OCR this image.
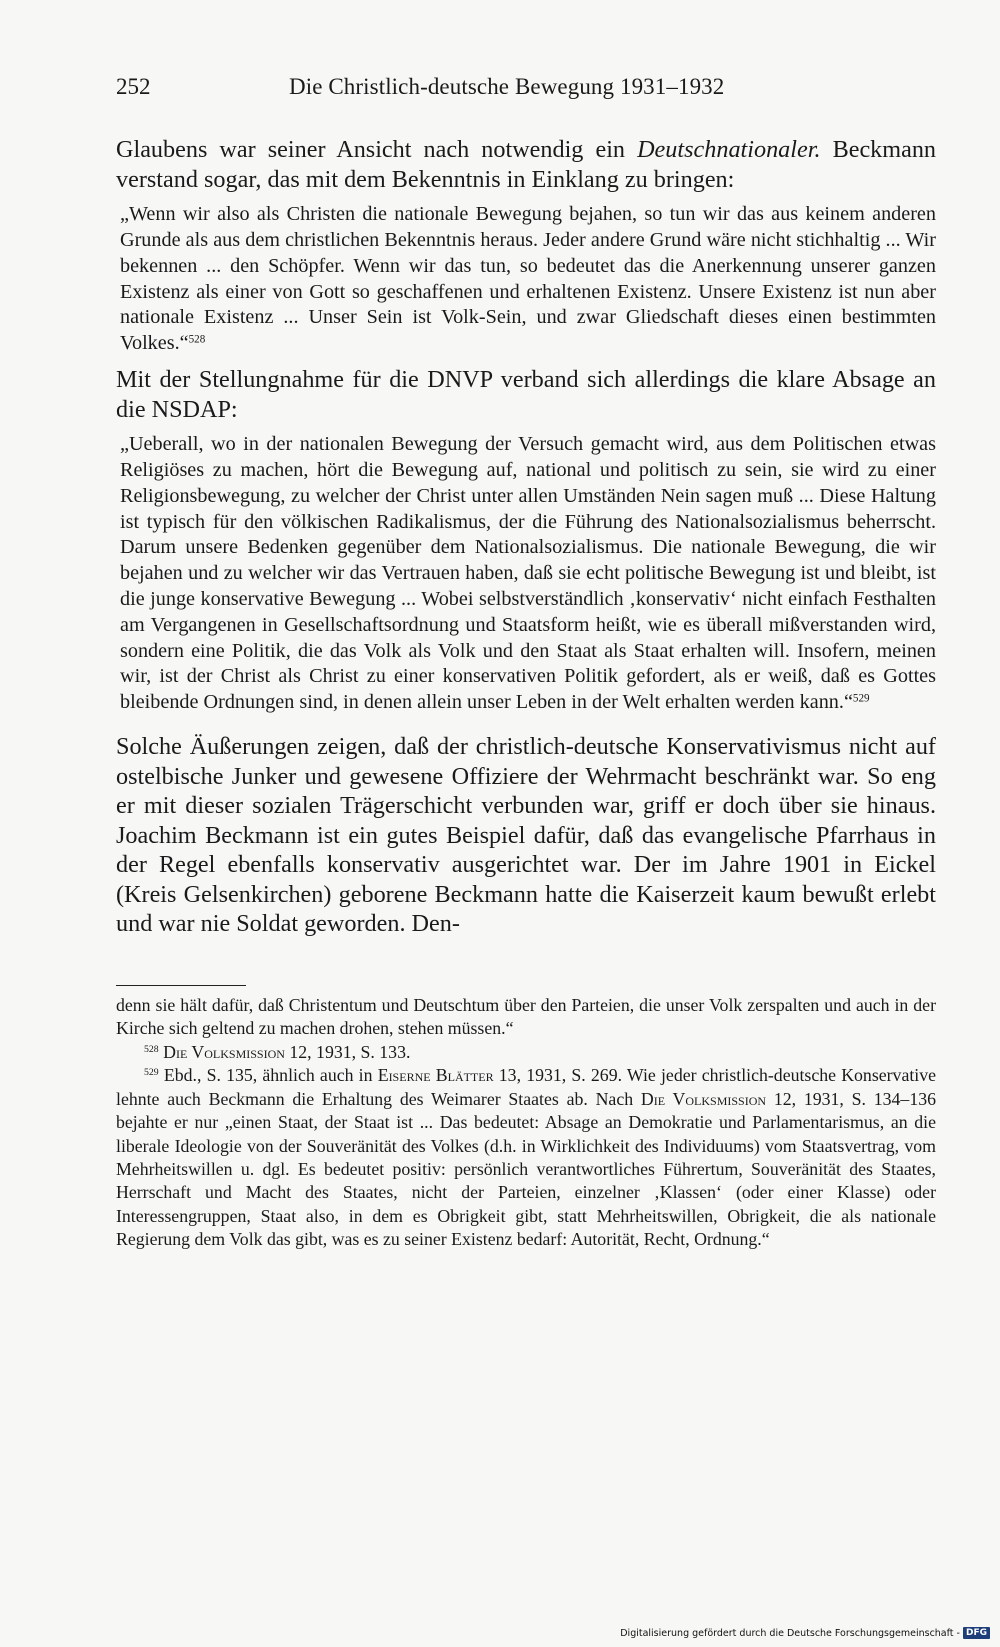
252	Die Christlich-deutsche Bewegung 1931–1932

Glaubens war seiner Ansicht nach notwendig ein Deutschnationaler. Beckmann verstand sogar, das mit dem Bekenntnis in Einklang zu bringen:

„Wenn wir also als Christen die nationale Bewegung bejahen, so tun wir das aus keinem anderen Grunde als aus dem christlichen Bekenntnis heraus. Jeder andere Grund wäre nicht stichhaltig ... Wir bekennen ... den Schöpfer. Wenn wir das tun, so bedeutet das die Anerkennung unserer ganzen Existenz als einer von Gott so geschaffenen und erhaltenen Existenz. Unsere Existenz ist nun aber nationale Existenz ... Unser Sein ist Volk-Sein, und zwar Gliedschaft dieses einen bestimmten Volkes.“$^{528}$

Mit der Stellungnahme für die DNVP verband sich allerdings die klare Absage an die NSDAP:

„Ueberall, wo in der nationalen Bewegung der Versuch gemacht wird, aus dem Politischen etwas Religiöses zu machen, hört die Bewegung auf, national und politisch zu sein, sie wird zu einer Religionsbewegung, zu welcher der Christ unter allen Umständen Nein sagen muß ... Diese Haltung ist typisch für den völkischen Radikalismus, der die Führung des Nationalsozialismus beherrscht. Darum unsere Bedenken gegenüber dem Nationalsozialismus. Die nationale Bewegung, die wir bejahen und zu welcher wir das Vertrauen haben, daß sie echt politische Bewegung ist und bleibt, ist die junge konservative Bewegung ... Wobei selbstverständlich ‚konservativ‘ nicht einfach Festhalten am Vergangenen in Gesellschaftsordnung und Staatsform heißt, wie es überall mißverstanden wird, sondern eine Politik, die das Volk als Volk und den Staat als Staat erhalten will. Insofern, meinen wir, ist der Christ als Christ zu einer konservativen Politik gefordert, als er weiß, daß es Gottes bleibende Ordnungen sind, in denen allein unser Leben in der Welt erhalten werden kann.“$^{529}$

Solche Äußerungen zeigen, daß der christlich-deutsche Konservativismus nicht auf ostelbische Junker und gewesene Offiziere der Wehrmacht beschränkt war. So eng er mit dieser sozialen Trägerschicht verbunden war, griff er doch über sie hinaus. Joachim Beckmann ist ein gutes Beispiel dafür, daß das evangelische Pfarrhaus in der Regel ebenfalls konservativ ausgerichtet war. Der im Jahre 1901 in Eickel (Kreis Gelsenkirchen) geborene Beckmann hatte die Kaiserzeit kaum bewußt erlebt und war nie Soldat geworden. Den-

denn sie hält dafür, daß Christentum und Deutschtum über den Parteien, die unser Volk zerspalten und auch in der Kirche sich geltend zu machen drohen, stehen müssen.“

$^{528}$ Die Volksmission 12, 1931, S. 133.

$^{529}$ Ebd., S. 135, ähnlich auch in Eiserne Blätter 13, 1931, S. 269. Wie jeder christlich-deutsche Konservative lehnte auch Beckmann die Erhaltung des Weimarer Staates ab. Nach Die Volksmission 12, 1931, S. 134–136 bejahte er nur „einen Staat, der Staat ist ... Das bedeutet: Absage an Demokratie und Parlamentarismus, an die liberale Ideologie von der Souveränität des Volkes (d.h. in Wirklichkeit des Individuums) vom Staatsvertrag, vom Mehrheitswillen u. dgl. Es bedeutet positiv: persönlich verantwortliches Führertum, Souveränität des Staates, Herrschaft und Macht des Staates, nicht der Parteien, einzelner ‚Klassen‘ (oder einer Klasse) oder Interessengruppen, Staat also, in dem es Obrigkeit gibt, statt Mehrheitswillen, Obrigkeit, die als nationale Regierung dem Volk das gibt, was es zu seiner Existenz bedarf: Autorität, Recht, Ordnung.“

Digitalisierung gefördert durch die Deutsche Forschungsgemeinschaft - DFG
